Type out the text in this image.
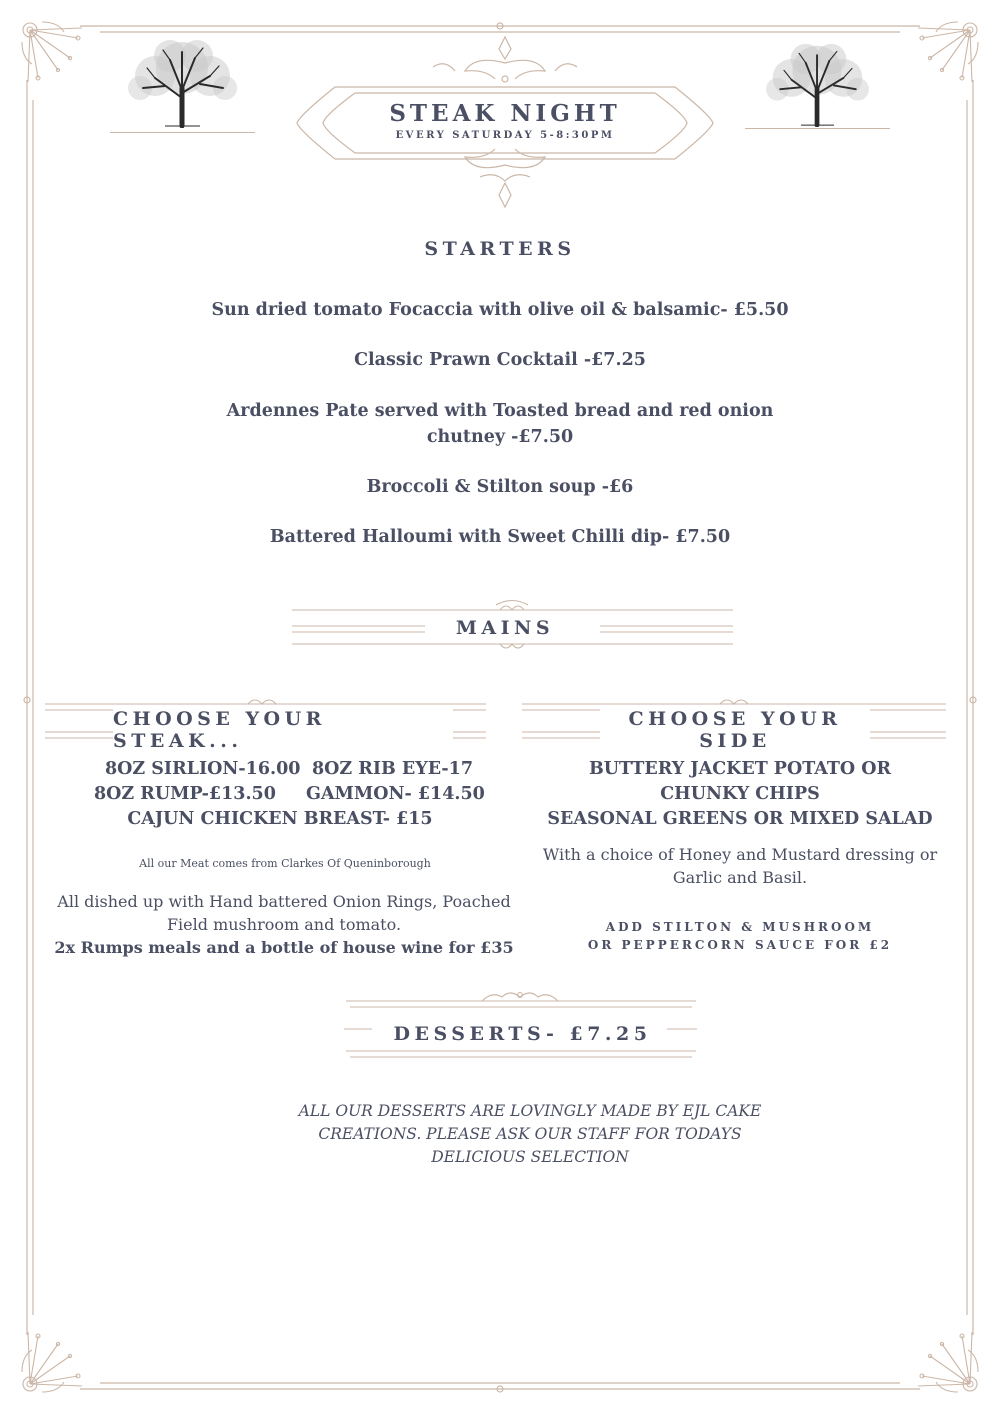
STEAK NIGHT
EVERY SATURDAY 5-8:30PM
STARTERS
Sun dried tomato Focaccia with olive oil & balsamic- £5.50
Classic Prawn Cocktail -£7.25
Ardennes Pate served with Toasted bread and red onion
chutney -£7.50
Broccoli & Stilton soup -£6
Battered Halloumi with Sweet Chilli dip- £7.50
MAINS
CHOOSE YOUR STEAK...
8OZ SIRLION-16.00 8OZ RIB EYE-17
8OZ RUMP-£13.50 GAMMON- £14.50
CAJUN CHICKEN BREAST- £15
All our Meat comes from Clarkes Of Queninborough
All dished up with Hand battered Onion Rings, Poached
Field mushroom and tomato.
2x Rumps meals and a bottle of house wine for £35
CHOOSE YOUR SIDE
BUTTERY JACKET POTATO OR
CHUNKY CHIPS
SEASONAL GREENS OR MIXED SALAD
With a choice of Honey and Mustard dressing or
Garlic and Basil.
ADD STILTON & MUSHROOM
OR PEPPERCORN SAUCE FOR £2
DESSERTS- £7.25
ALL OUR DESSERTS ARE LOVINGLY MADE BY EJL CAKE
CREATIONS. PLEASE ASK OUR STAFF FOR TODAYS
DELICIOUS SELECTION
